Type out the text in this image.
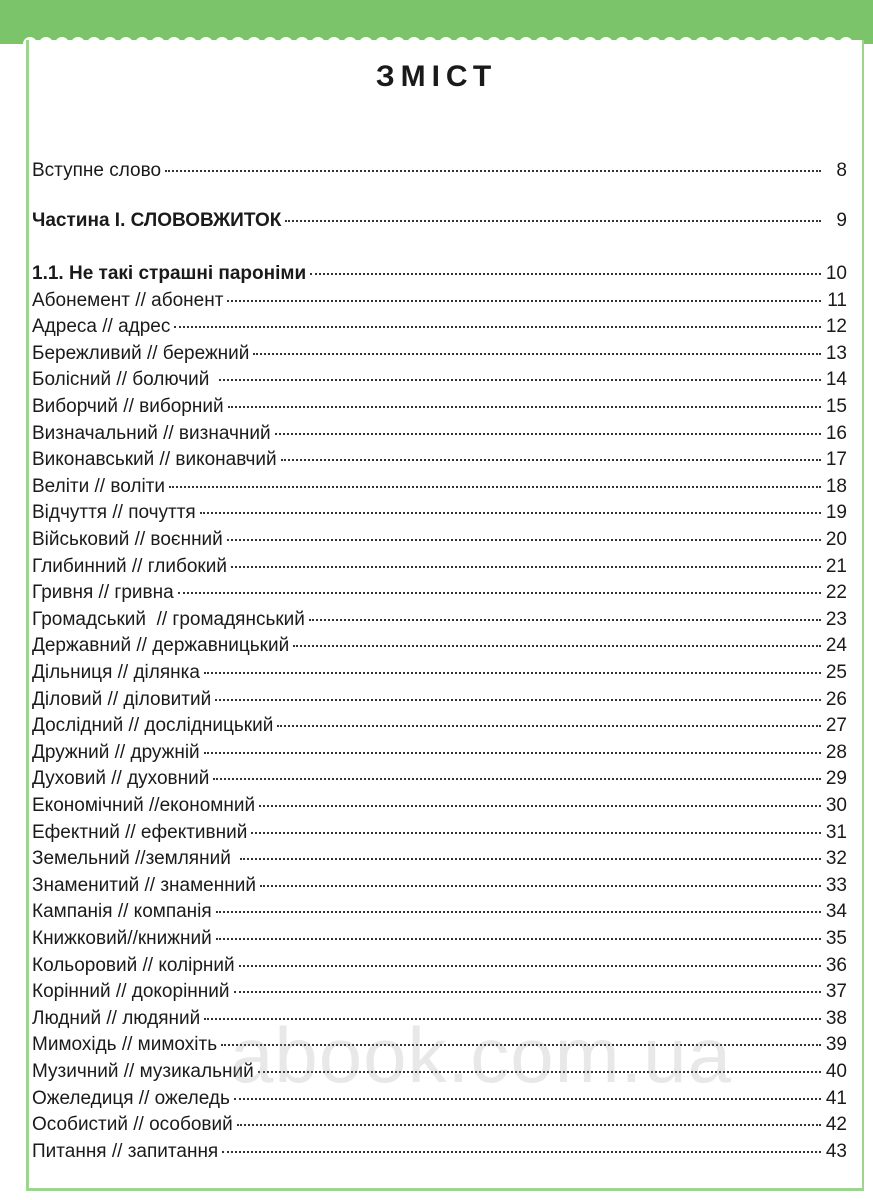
ЗМІСТ
Вступне слово	8
Частина І. СЛОВОВЖИТОК	9
1.1. Не такі страшні пароніми	10
Абонемент // абонент	11
Адреса // адрес	12
Бережливий // бережний	13
Болісний // болючий	14
Виборчий // виборний	15
Визначальний // визначний	16
Виконавський // виконавчий	17
Веліти // воліти	18
Відчуття // почуття	19
Військовий // воєнний	20
Глибинний // глибокий	21
Гривня // гривна	22
Громадський  // громадянський	23
Державний // державницький	24
Дільниця // ділянка	25
Діловий // діловитий	26
Дослідний // дослідницький	27
Дружний // дружній	28
Духовий // духовний	29
Економічний //економний	30
Ефектний // ефективний	31
Земельний //земляний	32
Знаменитий // знаменний	33
Кампанія // компанія	34
Книжковий//книжний	35
Кольоровий // колірний	36
Корінний // докорінний	37
Людний // людяний	38
Мимохідь // мимохіть	39
Музичний // музикальний	40
Ожеледиця // ожеледь	41
Особистий // особовий	42
Питання // запитання	43
abook.com.ua
